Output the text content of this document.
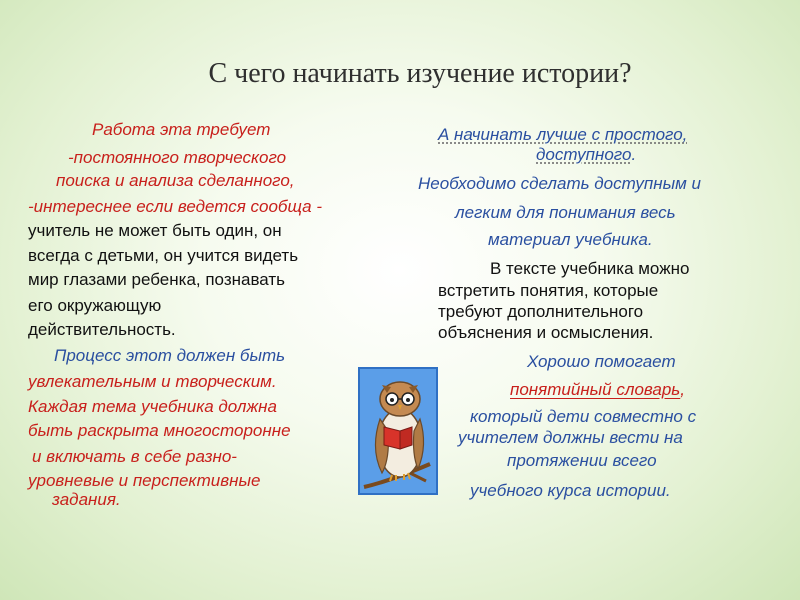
С чего начинать изучение истории?
Работа эта требует
-постоянного творческого
поиска и анализа сделанного,
-интереснее если ведется сообща -
учитель не может быть один, он
всегда с детьми, он учится видеть
мир глазами ребенка, познавать
его окружающую
действительность.
Процесс этот должен быть
увлекательным и творческим.
Каждая тема учебника должна
быть раскрыта многосторонне
и включать в себе разно-
уровневые и перспективные
задания.
А начинать лучше с простого,
доступного.
Необходимо сделать доступным и
легким для понимания весь
материал учебника.
В тексте учебника можно
встретить понятия, которые
требуют дополнительного
объяснения и осмысления.
Хорошо помогает
понятийный словарь,
который дети совместно с
учителем должны вести на
протяжении всего
учебного курса истории.
